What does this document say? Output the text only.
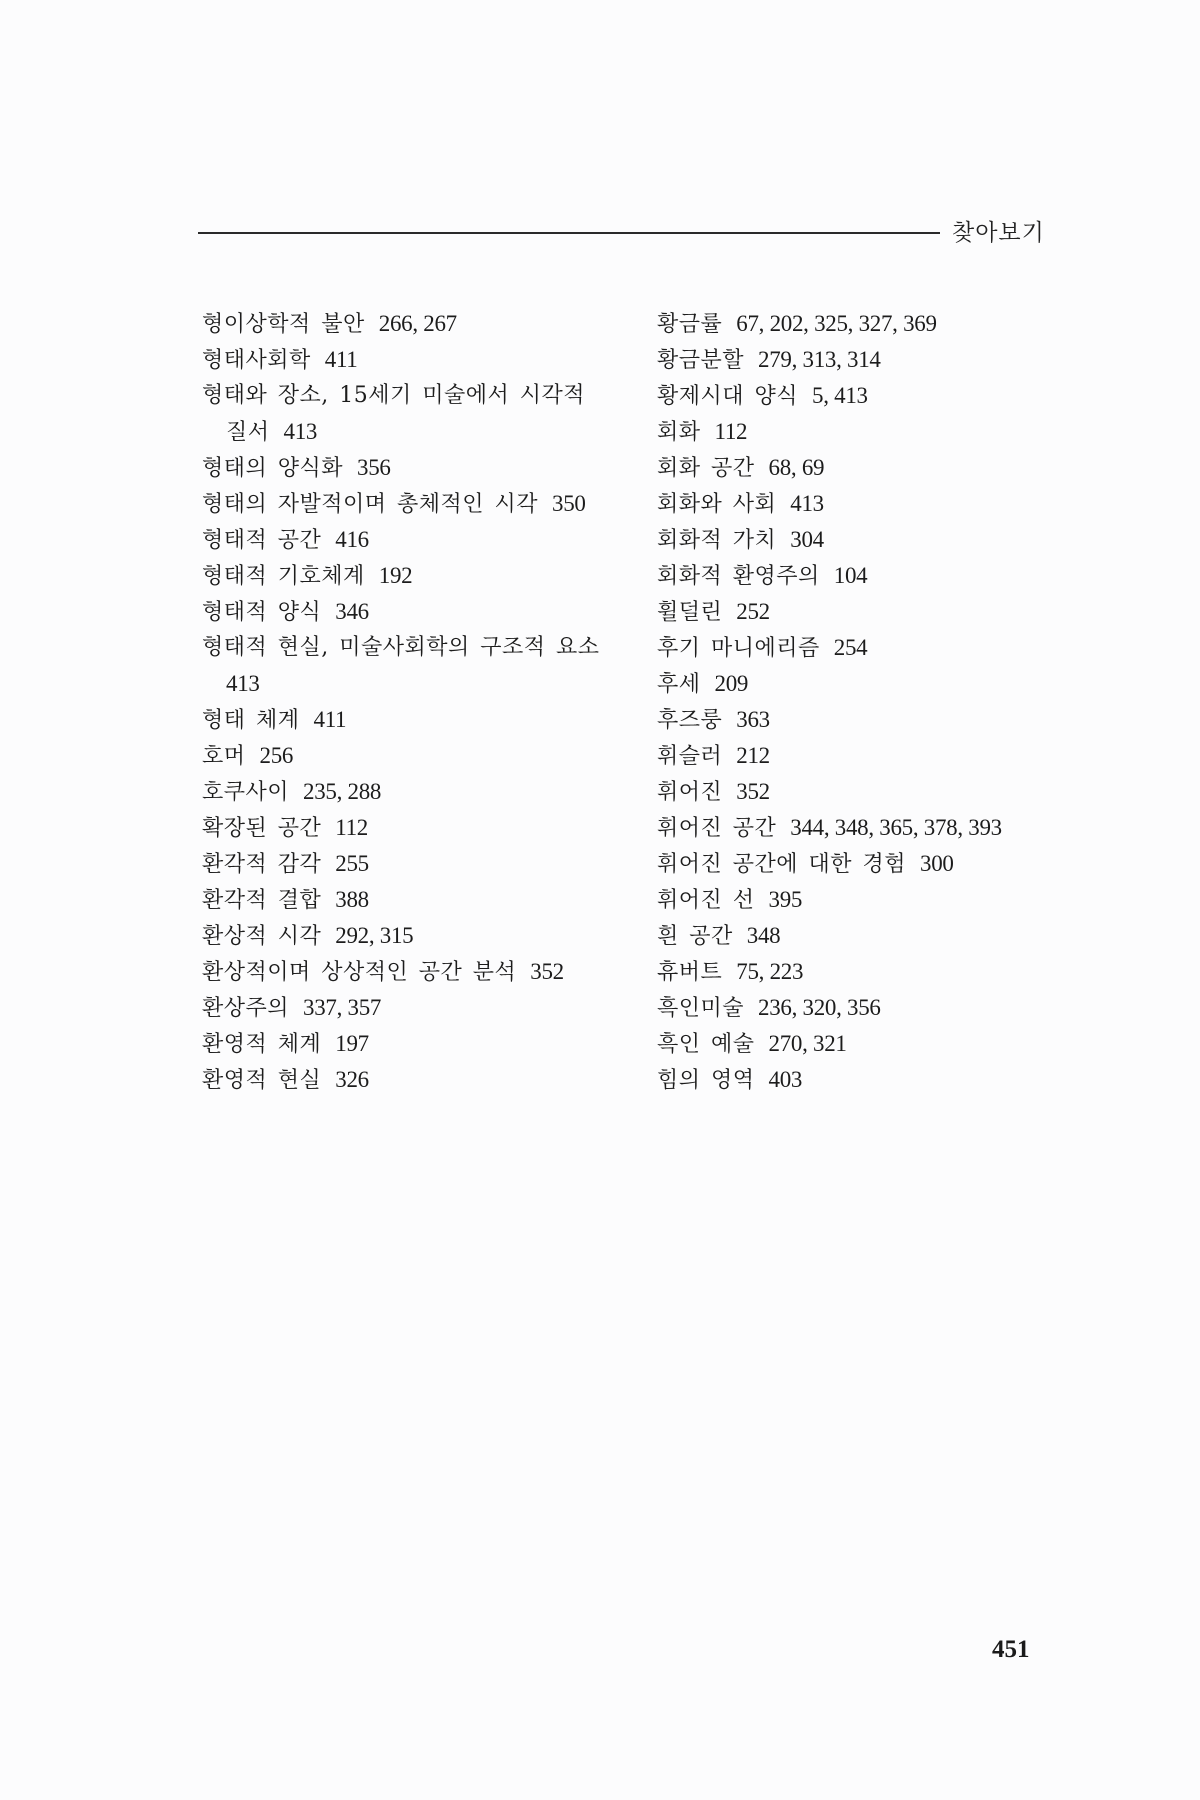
찾아보기
형이상학적 불안 266, 267
형태사회학 411
형태와 장소, 15세기 미술에서 시각적
질서 413
형태의 양식화 356
형태의 자발적이며 총체적인 시각 350
형태적 공간 416
형태적 기호체계 192
형태적 양식 346
형태적 현실, 미술사회학의 구조적 요소
413
형태 체계 411
호머 256
호쿠사이 235, 288
확장된 공간 112
환각적 감각 255
환각적 결합 388
환상적 시각 292, 315
환상적이며 상상적인 공간 분석 352
환상주의 337, 357
환영적 체계 197
환영적 현실 326
황금률 67, 202, 325, 327, 369
황금분할 279, 313, 314
황제시대 양식 5, 413
회화 112
회화 공간 68, 69
회화와 사회 413
회화적 가치 304
회화적 환영주의 104
휠덜린 252
후기 마니에리즘 254
후세 209
후즈룽 363
휘슬러 212
휘어진 352
휘어진 공간 344, 348, 365, 378, 393
휘어진 공간에 대한 경험 300
휘어진 선 395
흰 공간 348
휴버트 75, 223
흑인미술 236, 320, 356
흑인 예술 270, 321
힘의 영역 403
451
